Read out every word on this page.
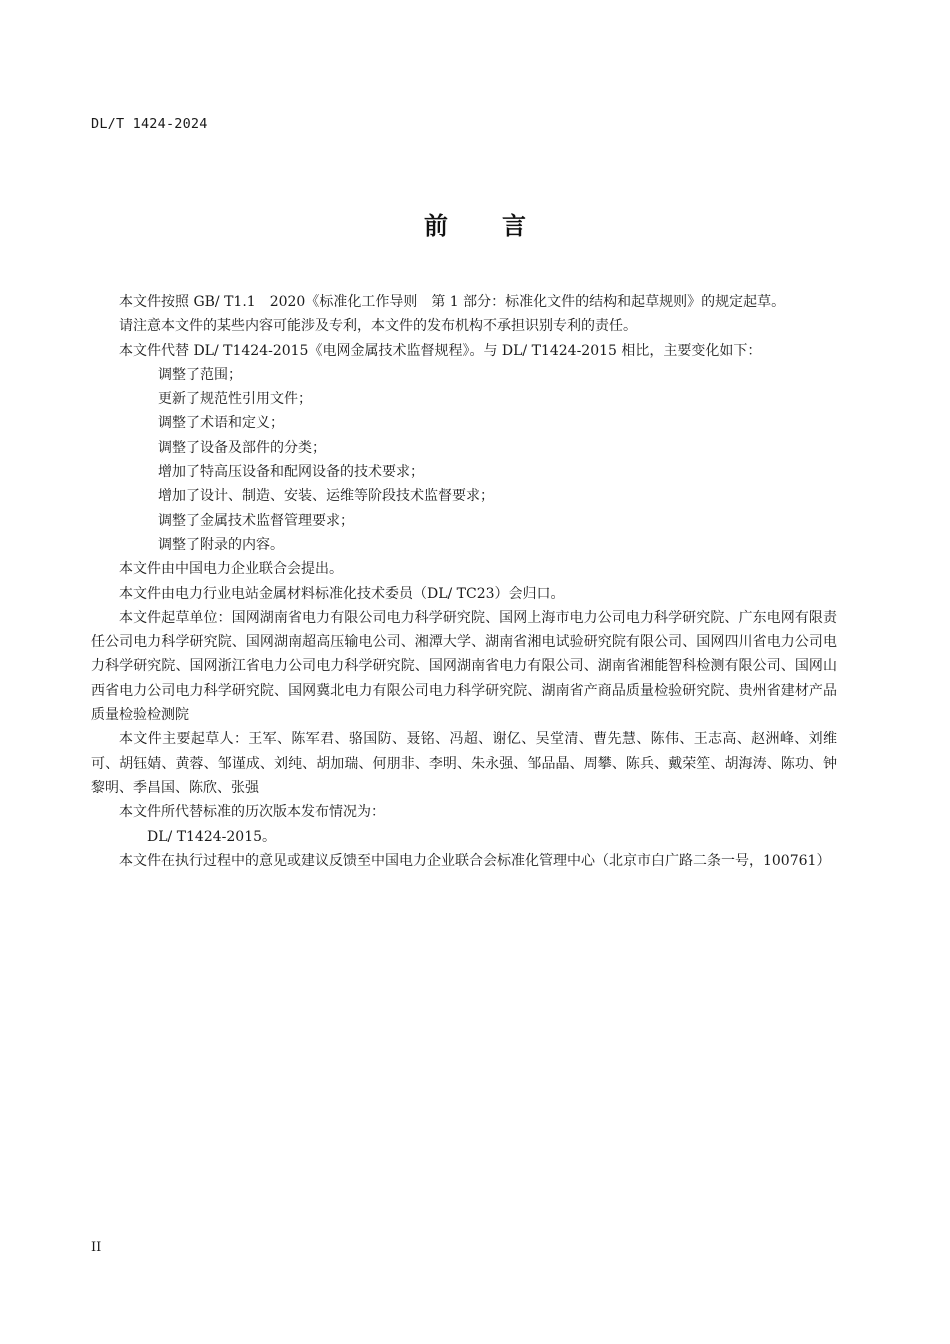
DL/T 1424-2024
前言

本文件按照 GB/ T1.1　2020《标准化工作导则　第 1 部分：标准化文件的结构和起草规则》的规定起草。

请注意本文件的某些内容可能涉及专利，本文件的发布机构不承担识别专利的责任。

本文件代替 DL/ T1424-2015《电网金属技术监督规程》。与 DL/ T1424-2015 相比，主要变化如下：

调整了范围；
更新了规范性引用文件；
调整了术语和定义；
调整了设备及部件的分类；
增加了特高压设备和配网设备的技术要求；
增加了设计、制造、安装、运维等阶段技术监督要求；
调整了金属技术监督管理要求；
调整了附录的内容。

本文件由中国电力企业联合会提出。

本文件由电力行业电站金属材料标准化技术委员（DL/ TC23）会归口。

本文件起草单位：国网湖南省电力有限公司电力科学研究院、国网上海市电力公司电力科学研究院、广东电网有限责任公司电力科学研究院、国网湖南超高压输电公司、湘潭大学、湖南省湘电试验研究院有限公司、国网四川省电力公司电力科学研究院、国网浙江省电力公司电力科学研究院、国网湖南省电力有限公司、湖南省湘能智科检测有限公司、国网山西省电力公司电力科学研究院、国网冀北电力有限公司电力科学研究院、湖南省产商品质量检验研究院、贵州省建材产品质量检验检测院

本文件主要起草人：王军、陈军君、骆国防、聂铭、冯超、谢亿、吴堂清、曹先慧、陈伟、王志高、赵洲峰、刘维可、胡钰婧、黄蓉、邹谨成、刘纯、胡加瑞、何朋非、李明、朱永强、邹品晶、周攀、陈兵、戴荣笙、胡海涛、陈功、钟黎明、季昌国、陈欣、张强

本文件所代替标准的历次版本发布情况为：

DL/ T1424-2015。

本文件在执行过程中的意见或建议反馈至中国电力企业联合会标准化管理中心（北京市白广路二条一号，100761）

II
